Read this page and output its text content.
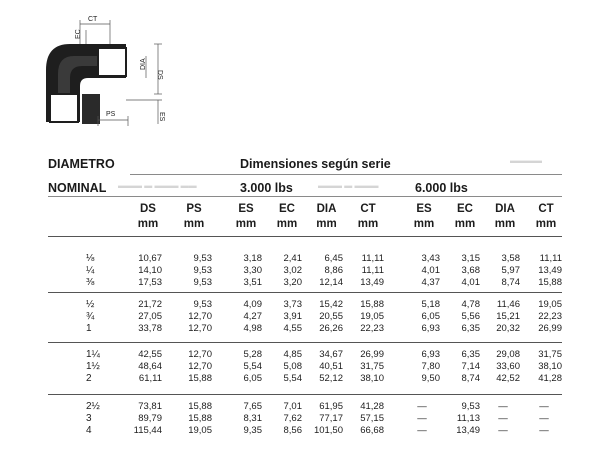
CT
EC
DIA
DS
PS	ES
DIAMETRO
NOMINAL
Dimensiones según serie
3.000 lbs	6.000 lbs
▬▬▬▬
▬▬▬ ▬ ▬▬▬ ▬▬	▬▬▬ ▬ ▬▬▬
DS
mm
PS
mm
ES
mm
EC
mm
DIA
mm
CT
mm
ES
mm
EC
mm
DIA
mm
CT
mm
⅛	10,67	9,53	3,18	2,41	6,45	11,11	3,43	3,15	3,58	11,11
¼	14,10	9,53	3,30	3,02	8,86	11,11	4,01	3,68	5,97	13,49
⅜	17,53	9,53	3,51	3,20	12,14	13,49	4,37	4,01	8,74	15,88
½	21,72	9,53	4,09	3,73	15,42	15,88	5,18	4,78	11,46	19,05
¾	27,05	12,70	4,27	3,91	20,55	19,05	6,05	5,56	15,21	22,23
1	33,78	12,70	4,98	4,55	26,26	22,23	6,93	6,35	20,32	26,99
1¼	42,55	12,70	5,28	4,85	34,67	26,99	6,93	6,35	29,08	31,75
1½	48,64	12,70	5,54	5,08	40,51	31,75	7,80	7,14	33,60	38,10
2	61,11	15,88	6,05	5,54	52,12	38,10	9,50	8,74	42,52	41,28
2½	73,81	15,88	7,65	7,01	61,95	41,28	—	9,53	—	—
3	89,79	15,88	8,31	7,62	77,17	57,15	—	11,13	—	—
4	115,44	19,05	9,35	8,56	101,50	66,68	—	13,49	—	—
